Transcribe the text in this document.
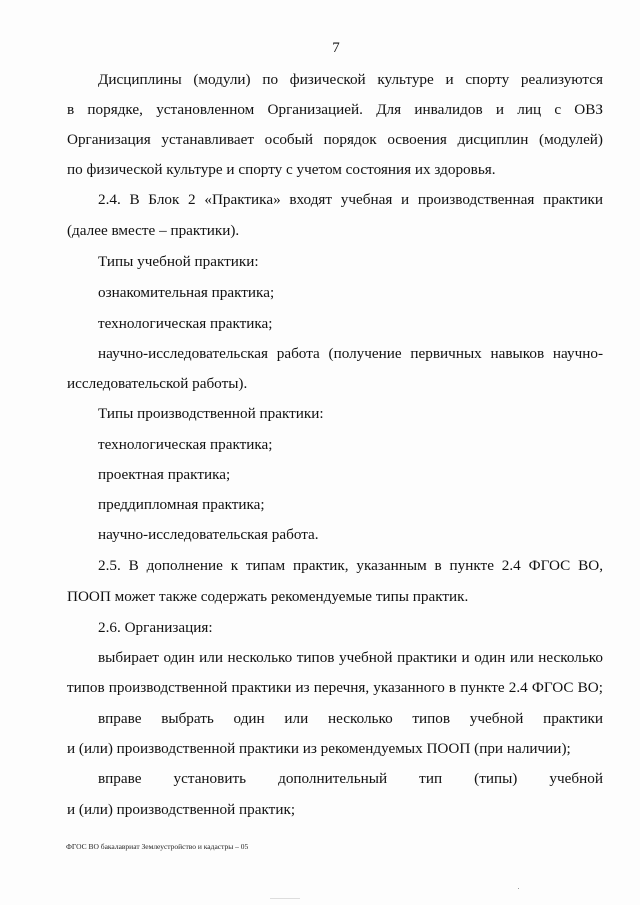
7
Дисциплины (модули) по физической культуре и спорту реализуются
в порядке, установленном Организацией. Для инвалидов и лиц с ОВЗ
Организация устанавливает особый порядок освоения дисциплин (модулей)
по физической культуре и спорту с учетом состояния их здоровья.
2.4. В Блок 2 «Практика» входят учебная и производственная практики
(далее вместе – практики).
Типы учебной практики:
ознакомительная практика;
технологическая практика;
научно-исследовательская работа (получение первичных навыков научно-
исследовательской работы).
Типы производственной практики:
технологическая практика;
проектная практика;
преддипломная практика;
научно-исследовательская работа.
2.5. В дополнение к типам практик, указанным в пункте 2.4 ФГОС ВО,
ПООП может также содержать рекомендуемые типы практик.
2.6. Организация:
выбирает один или несколько типов учебной практики и один или несколько
типов производственной практики из перечня, указанного в пункте 2.4 ФГОС ВО;
вправе выбрать один или несколько типов учебной практики
и (или) производственной практики из рекомендуемых ПООП (при наличии);
вправе установить дополнительный тип (типы) учебной
и (или) производственной практик;
ФГОС ВО бакалавриат Землеустройство и кадастры – 05
